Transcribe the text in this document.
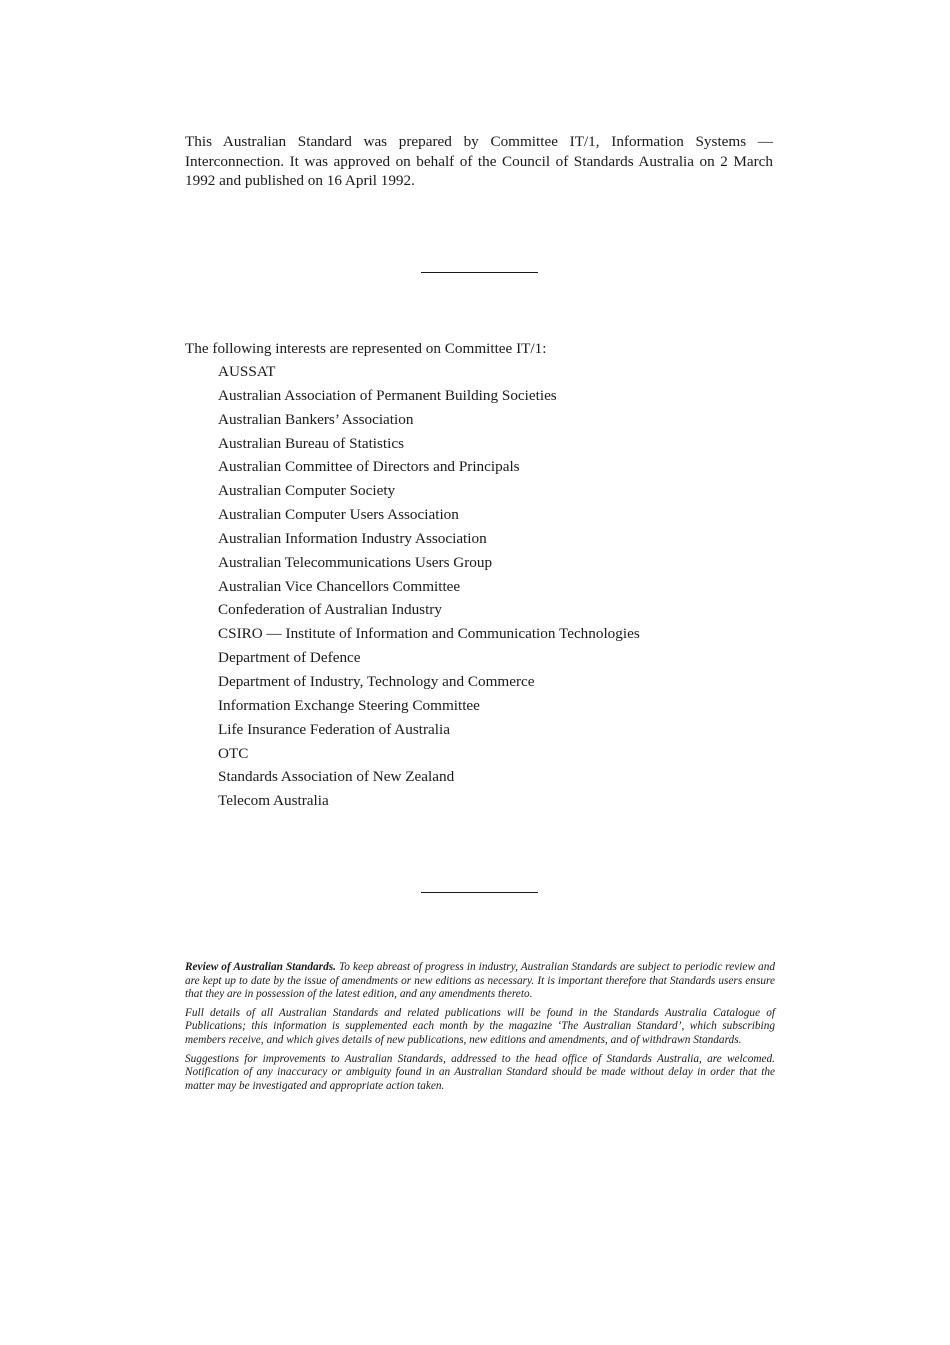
This Australian Standard was prepared by Committee IT/1, Information Systems — Interconnection. It was approved on behalf of the Council of Standards Australia on 2 March 1992 and published on 16 April 1992.

The following interests are represented on Committee IT/1:

AUSSAT
Australian Association of Permanent Building Societies
Australian Bankers’ Association
Australian Bureau of Statistics
Australian Committee of Directors and Principals
Australian Computer Society
Australian Computer Users Association
Australian Information Industry Association
Australian Telecommunications Users Group
Australian Vice Chancellors Committee
Confederation of Australian Industry
CSIRO — Institute of Information and Communication Technologies
Department of Defence
Department of Industry, Technology and Commerce
Information Exchange Steering Committee
Life Insurance Federation of Australia
OTC
Standards Association of New Zealand
Telecom Australia

Review of Australian Standards. To keep abreast of progress in industry, Australian Standards are subject to periodic review and are kept up to date by the issue of amendments or new editions as necessary. It is important therefore that Standards users ensure that they are in possession of the latest edition, and any amendments thereto.

Full details of all Australian Standards and related publications will be found in the Standards Australia Catalogue of Publications; this information is supplemented each month by the magazine ‘The Australian Standard’, which subscribing members receive, and which gives details of new publications, new editions and amendments, and of withdrawn Standards.

Suggestions for improvements to Australian Standards, addressed to the head office of Standards Australia, are welcomed. Notification of any inaccuracy or ambiguity found in an Australian Standard should be made without delay in order that the matter may be investigated and appropriate action taken.
